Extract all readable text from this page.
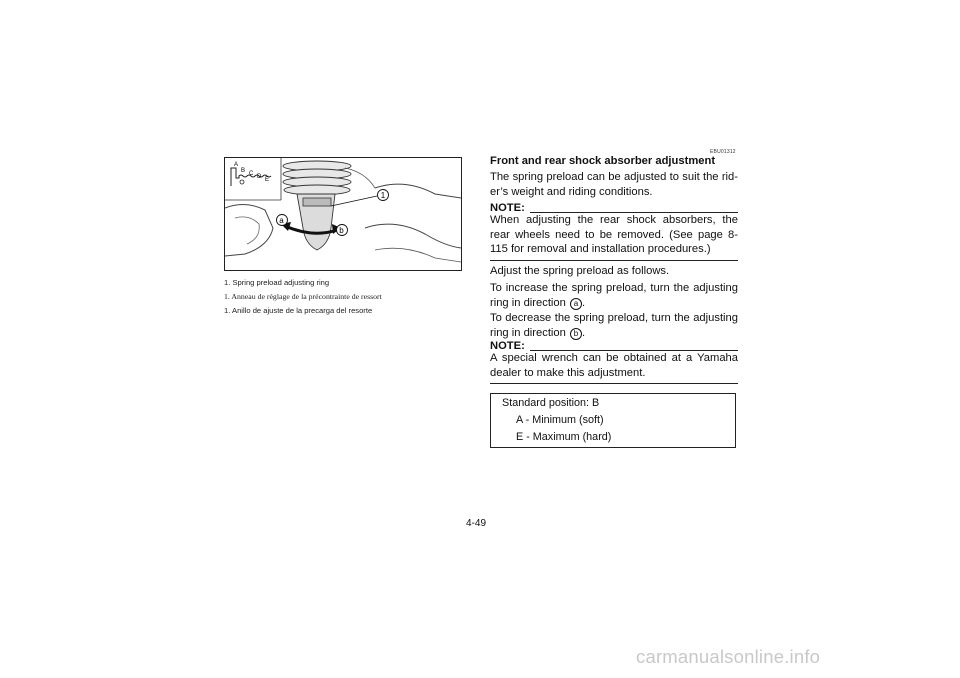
A
B C D E
1
a
b
1. Spring preload adjusting ring
1. Anneau de réglage de la précontrainte de ressort
1. Anillo de ajuste de la precarga del resorte
EBU01312
Front and rear shock absorber adjustment
The spring preload can be adjusted to suit the rid-er’s weight and riding conditions.
NOTE:
When adjusting the rear shock absorbers, the rear wheels need to be removed. (See page 8-115 for removal and installation procedures.)
Adjust the spring preload as follows.
To increase the spring preload, turn the adjusting ring in direction a .
To decrease the spring preload, turn the adjusting ring in direction b .
NOTE:
A special wrench can be obtained at a Yamaha dealer to make this adjustment.
Standard position: B
A - Minimum (soft)
E - Maximum (hard)
4-49
carmanualsonline.info
